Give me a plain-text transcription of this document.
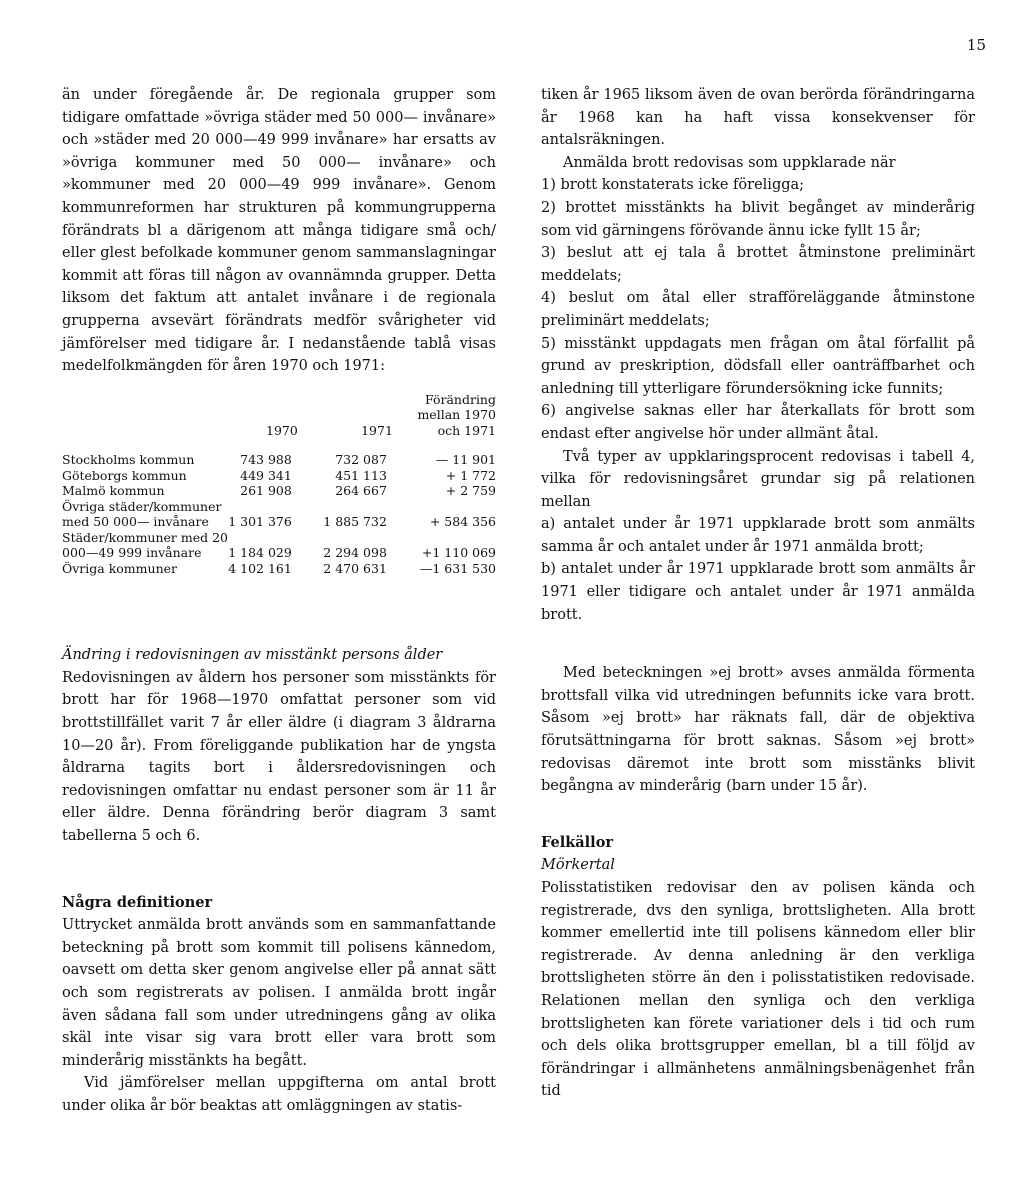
15

än under föregående år. De regionala grupper som tidigare omfattade »övriga städer med 50 000— invånare» och »städer med 20 000—49 999 invånare» har ersatts av »övriga kommuner med 50 000— invånare» och »kommuner med 20 000—49 999 invånare». Genom kommunreformen har strukturen på kommungrupperna förändrats bl a därigenom att många tidigare små och/ eller glest befolkade kommuner genom sammanslagningar kommit att föras till någon av ovannämnda grupper. Detta liksom det faktum att antalet invånare i de regionala grupperna avsevärt förändrats medför svårigheter vid jämförelser med tidigare år. I nedanstående tablå visas medelfolkmängden för åren 1970 och 1971:

	1970	1971	Förändring mellan 1970 och 1971
Stockholms kommun	743 988	732 087	— 11 901
Göteborgs kommun	449 341	451 113	+ 1 772
Malmö kommun	261 908	264 667	+ 2 759
Övriga städer/kommuner med 50 000— invånare	1 301 376	1 885 732	+ 584 356
Städer/kommuner med 20 000—49 999 invånare	1 184 029	2 294 098	+1 110 069
Övriga kommuner	4 102 161	2 470 631	—1 631 530

Ändring i redovisningen av misstänkt persons ålder

Redovisningen av åldern hos personer som misstänkts för brott har för 1968—1970 omfattat personer som vid brottstillfället varit 7 år eller äldre (i diagram 3 åldrarna 10—20 år). From föreliggande publikation har de yngsta åldrarna tagits bort i åldersredovisningen och redovisningen omfattar nu endast personer som är 11 år eller äldre. Denna förändring berör diagram 3 samt tabellerna 5 och 6.

Några definitioner

Uttrycket anmälda brott används som en sammanfattande beteckning på brott som kommit till polisens kännedom, oavsett om detta sker genom angivelse eller på annat sätt och som registrerats av polisen. I anmälda brott ingår även sådana fall som under utredningens gång av olika skäl inte visar sig vara brott eller vara brott som minderårig misstänkts ha begått.

Vid jämförelser mellan uppgifterna om antal brott under olika år bör beaktas att omläggningen av statis-

tiken år 1965 liksom även de ovan berörda förändringarna år 1968 kan ha haft vissa konsekvenser för antalsräkningen.

Anmälda brott redovisas som uppklarade när

1) brott konstaterats icke föreligga;
2) brottet misstänkts ha blivit begånget av minderårig som vid gärningens förövande ännu icke fyllt 15 år;
3) beslut att ej tala å brottet åtminstone preliminärt meddelats;
4) beslut om åtal eller strafföreläggande åtminstone preliminärt meddelats;
5) misstänkt uppdagats men frågan om åtal förfallit på grund av preskription, dödsfall eller oanträffbarhet och anledning till ytterligare förundersökning icke funnits;
6) angivelse saknas eller har återkallats för brott som endast efter angivelse hör under allmänt åtal.

Två typer av uppklaringsprocent redovisas i tabell 4, vilka för redovisningsåret grundar sig på relationen mellan

a) antalet under år 1971 uppklarade brott som anmälts samma år och antalet under år 1971 anmälda brott;
b) antalet under år 1971 uppklarade brott som anmälts år 1971 eller tidigare och antalet under år 1971 anmälda brott.

Med beteckningen »ej brott» avses anmälda förmenta brottsfall vilka vid utredningen befunnits icke vara brott. Såsom »ej brott» har räknats fall, där de objektiva förutsättningarna för brott saknas. Såsom »ej brott» redovisas däremot inte brott som misstänks blivit begångna av minderårig (barn under 15 år).

Felkällor

Mörkertal

Polisstatistiken redovisar den av polisen kända och registrerade, dvs den synliga, brottsligheten. Alla brott kommer emellertid inte till polisens kännedom eller blir registrerade. Av denna anledning är den verkliga brottsligheten större än den i polisstatistiken redovisade. Relationen mellan den synliga och den verkliga brottsligheten kan förete variationer dels i tid och rum och dels olika brottsgrupper emellan, bl a till följd av förändringar i allmänhetens anmälningsbenägenhet från tid
